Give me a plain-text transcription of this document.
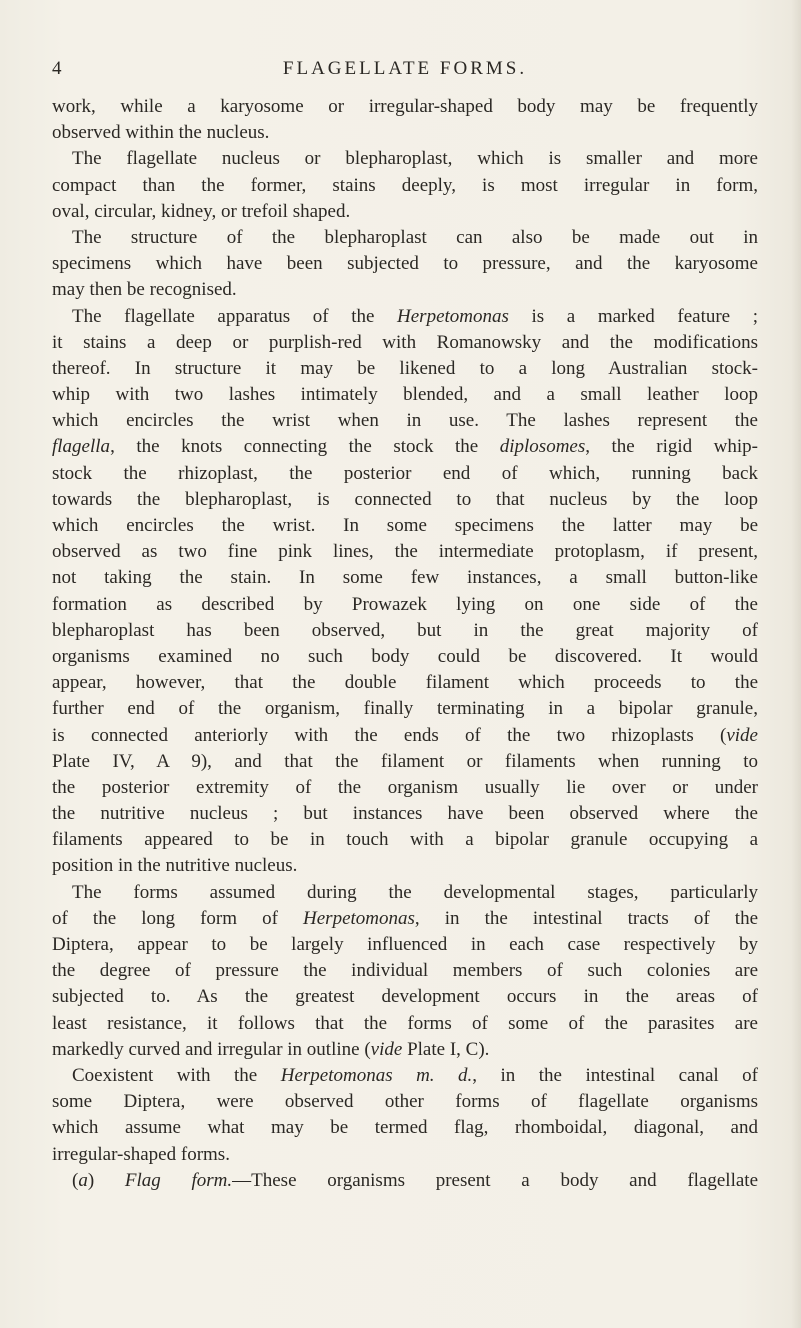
4	FLAGELLATE FORMS.
work, while a karyosome or irregular-shaped body may be frequently
observed within the nucleus.
The flagellate nucleus or blepharoplast, which is smaller and more
compact than the former, stains deeply, is most irregular in form,
oval, circular, kidney, or trefoil shaped.
The structure of the blepharoplast can also be made out in
specimens which have been subjected to pressure, and the karyosome
may then be recognised.
The flagellate apparatus of the Herpetomonas is a marked feature ;
it stains a deep or purplish-red with Romanowsky and the modifications
thereof. In structure it may be likened to a long Australian stock-
whip with two lashes intimately blended, and a small leather loop
which encircles the wrist when in use. The lashes represent the
flagella, the knots connecting the stock the diplosomes, the rigid whip-
stock the rhizoplast, the posterior end of which, running back
towards the blepharoplast, is connected to that nucleus by the loop
which encircles the wrist. In some specimens the latter may be
observed as two fine pink lines, the intermediate protoplasm, if present,
not taking the stain. In some few instances, a small button-like
formation as described by Prowazek lying on one side of the
blepharoplast has been observed, but in the great majority of
organisms examined no such body could be discovered. It would
appear, however, that the double filament which proceeds to the
further end of the organism, finally terminating in a bipolar granule,
is connected anteriorly with the ends of the two rhizoplasts (vide
Plate IV, A 9), and that the filament or filaments when running to
the posterior extremity of the organism usually lie over or under
the nutritive nucleus ; but instances have been observed where the
filaments appeared to be in touch with a bipolar granule occupying a
position in the nutritive nucleus.
The forms assumed during the developmental stages, particularly
of the long form of Herpetomonas, in the intestinal tracts of the
Diptera, appear to be largely influenced in each case respectively by
the degree of pressure the individual members of such colonies are
subjected to. As the greatest development occurs in the areas of
least resistance, it follows that the forms of some of the parasites are
markedly curved and irregular in outline (vide Plate I, C).
Coexistent with the Herpetomonas m. d., in the intestinal canal of
some Diptera, were observed other forms of flagellate organisms
which assume what may be termed flag, rhomboidal, diagonal, and
irregular-shaped forms.
(a) Flag form.—These organisms present a body and flagellate
